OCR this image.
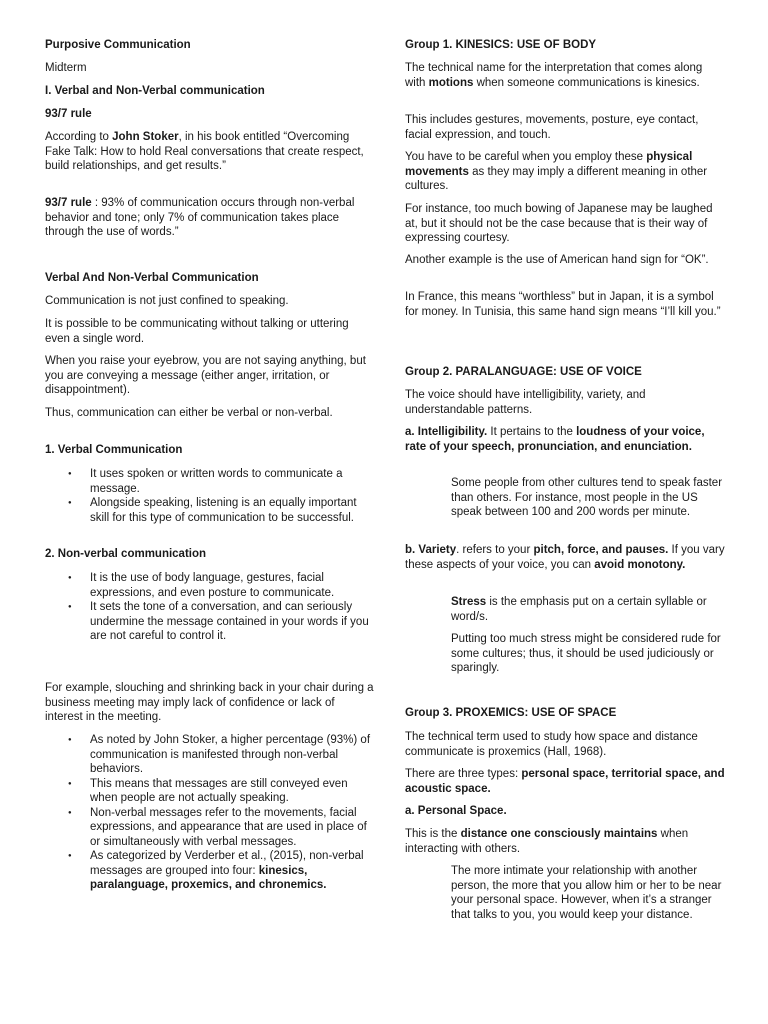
Purposive Communication

Midterm

I. Verbal and Non-Verbal communication

93/7 rule

According to John Stoker, in his book entitled “Overcoming Fake Talk: How to hold Real conversations that create respect, build relationships, and get results.”

93/7 rule : 93% of communication occurs through non-verbal behavior and tone; only 7% of communication takes place through the use of words.”

Verbal And Non-Verbal Communication

Communication is not just confined to speaking.

It is possible to be communicating without talking or uttering even a single word.

When you raise your eyebrow, you are not saying anything, but you are conveying a message (either anger, irritation, or disappointment).

Thus, communication can either be verbal or non-verbal.

1. Verbal Communication

● It uses spoken or written words to communicate a message.
● Alongside speaking, listening is an equally important skill for this type of communication to be successful.

2. Non-verbal communication

● It is the use of body language, gestures, facial expressions, and even posture to communicate.
● It sets the tone of a conversation, and can seriously undermine the message contained in your words if you are not careful to control it.

For example, slouching and shrinking back in your chair during a business meeting may imply lack of confidence or lack of interest in the meeting.

● As noted by John Stoker, a higher percentage (93%) of communication is manifested through non-verbal behaviors.
● This means that messages are still conveyed even when people are not actually speaking.
● Non-verbal messages refer to the movements, facial expressions, and appearance that are used in place of or simultaneously with verbal messages.
● As categorized by Verderber et al., (2015), non-verbal messages are grouped into four: kinesics, paralanguage, proxemics, and chronemics.

Group 1. KINESICS: USE OF BODY

The technical name for the interpretation that comes along with motions when someone communications is kinesics.

This includes gestures, movements, posture, eye contact, facial expression, and touch.

You have to be careful when you employ these physical movements as they may imply a different meaning in other cultures.

For instance, too much bowing of Japanese may be laughed at, but it should not be the case because that is their way of expressing courtesy.

Another example is the use of American hand sign for “OK”.

In France, this means “worthless” but in Japan, it is a symbol for money. In Tunisia, this same hand sign means “I’ll kill you.”

Group 2. PARALANGUAGE: USE OF VOICE

The voice should have intelligibility, variety, and understandable patterns.

a. Intelligibility. It pertains to the loudness of your voice, rate of your speech, pronunciation, and enunciation.

Some people from other cultures tend to speak faster than others. For instance, most people in the US speak between 100 and 200 words per minute.

b. Variety. refers to your pitch, force, and pauses. If you vary these aspects of your voice, you can avoid monotony.

Stress is the emphasis put on a certain syllable or word/s.

Putting too much stress might be considered rude for some cultures; thus, it should be used judiciously or sparingly.

Group 3. PROXEMICS: USE OF SPACE

The technical term used to study how space and distance communicate is proxemics (Hall, 1968).

There are three types: personal space, territorial space, and acoustic space.

a. Personal Space.

This is the distance one consciously maintains when interacting with others.

The more intimate your relationship with another person, the more that you allow him or her to be near your personal space. However, when it’s a stranger that talks to you, you would keep your distance.
